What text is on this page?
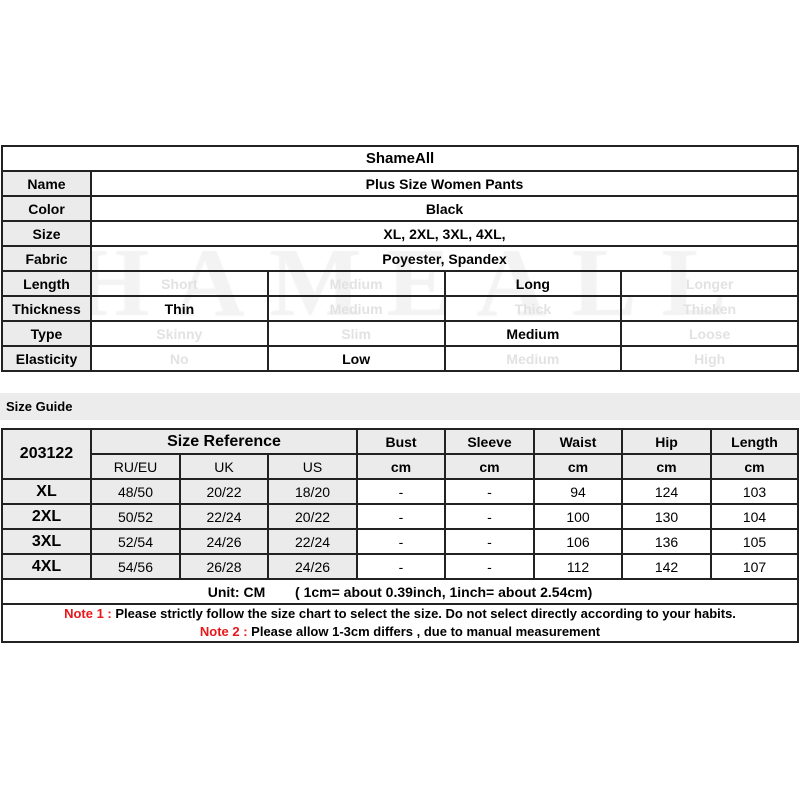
ShameAll				
Name	Plus Size Women Pants			
Color	Black			
Size	XL, 2XL, 3XL, 4XL,			
Fabric	Poyester, Spandex			
Length	Short	Medium	Long	Longer
Thickness	Thin	Medium	Thick	Thicken
Type	Skinny	Slim	Medium	Loose
Elasticity	No	Low	Medium	High
Size Guide
203122	Size Reference			Bust	Sleeve	Waist	Hip	Length
	RU/EU	UK	US	cm	cm	cm	cm	cm
XL	48/50	20/22	18/20	-	-	94	124	103
2XL	50/52	22/24	20/22	-	-	100	130	104
3XL	52/54	24/26	22/24	-	-	106	136	105
4XL	54/56	26/28	24/26	-	-	112	142	107
Unit: CM ( 1cm= about 0.39inch, 1inch= about 2.54cm)								
Note 1 : Please strictly follow the size chart to select the size. Do not select directly according to your habits.
Note 2 : Please allow 1-3cm differs , due to manual measurement								
